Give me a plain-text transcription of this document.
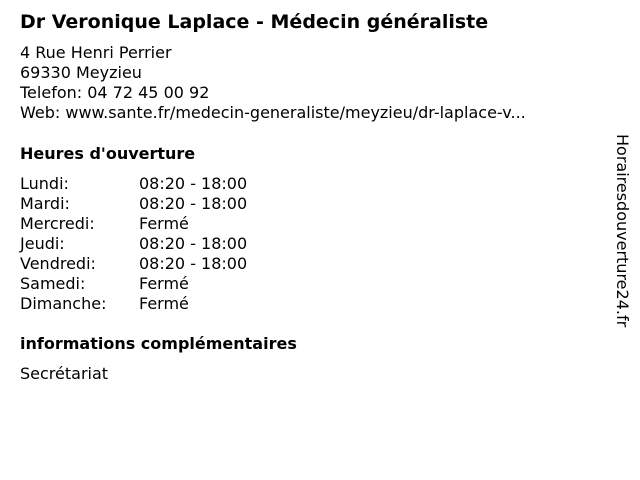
Dr Veronique Laplace - Médecin généraliste
4 Rue Henri Perrier
69330 Meyzieu
Telefon: 04 72 45 00 92
Web: www.sante.fr/medecin-generaliste/meyzieu/dr-laplace-v...
Heures d'ouverture
Lundi:	08:20 - 18:00
Mardi:	08:20 - 18:00
Mercredi:	Fermé
Jeudi:	08:20 - 18:00
Vendredi:	08:20 - 18:00
Samedi:	Fermé
Dimanche: Fermé
informations complémentaires
Secrétariat
Horairesdouverture24.fr
